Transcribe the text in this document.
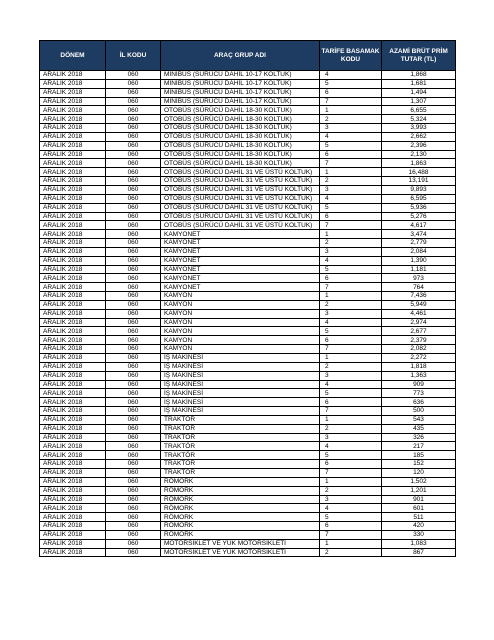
DÖNEM	İL KODU	ARAÇ GRUP ADI	TARİFE BASAMAK KODU	AZAMİ BRÜT PRİM TUTAR (TL)
ARALIK 2018	060	MİNİBÜS (SÜRÜCÜ DAHİL 10-17 KOLTUK)	4	1,868
ARALIK 2018	060	MİNİBÜS (SÜRÜCÜ DAHİL 10-17 KOLTUK)	5	1,681
ARALIK 2018	060	MİNİBÜS (SÜRÜCÜ DAHİL 10-17 KOLTUK)	6	1,494
ARALIK 2018	060	MİNİBÜS (SÜRÜCÜ DAHİL 10-17 KOLTUK)	7	1,307
ARALIK 2018	060	OTOBÜS (SÜRÜCÜ DAHİL 18-30 KOLTUK)	1	6,655
ARALIK 2018	060	OTOBÜS (SÜRÜCÜ DAHİL 18-30 KOLTUK)	2	5,324
ARALIK 2018	060	OTOBÜS (SÜRÜCÜ DAHİL 18-30 KOLTUK)	3	3,993
ARALIK 2018	060	OTOBÜS (SÜRÜCÜ DAHİL 18-30 KOLTUK)	4	2,662
ARALIK 2018	060	OTOBÜS (SÜRÜCÜ DAHİL 18-30 KOLTUK)	5	2,396
ARALIK 2018	060	OTOBÜS (SÜRÜCÜ DAHİL 18-30 KOLTUK)	6	2,130
ARALIK 2018	060	OTOBÜS (SÜRÜCÜ DAHİL 18-30 KOLTUK)	7	1,863
ARALIK 2018	060	OTOBÜS (SÜRÜCÜ DAHİL 31 VE ÜSTÜ KOLTUK)	1	16,488
ARALIK 2018	060	OTOBÜS (SÜRÜCÜ DAHİL 31 VE ÜSTÜ KOLTUK)	2	13,191
ARALIK 2018	060	OTOBÜS (SÜRÜCÜ DAHİL 31 VE ÜSTÜ KOLTUK)	3	9,893
ARALIK 2018	060	OTOBÜS (SÜRÜCÜ DAHİL 31 VE ÜSTÜ KOLTUK)	4	6,595
ARALIK 2018	060	OTOBÜS (SÜRÜCÜ DAHİL 31 VE ÜSTÜ KOLTUK)	5	5,936
ARALIK 2018	060	OTOBÜS (SÜRÜCÜ DAHİL 31 VE ÜSTÜ KOLTUK)	6	5,276
ARALIK 2018	060	OTOBÜS (SÜRÜCÜ DAHİL 31 VE ÜSTÜ KOLTUK)	7	4,617
ARALIK 2018	060	KAMYONET	1	3,474
ARALIK 2018	060	KAMYONET	2	2,779
ARALIK 2018	060	KAMYONET	3	2,084
ARALIK 2018	060	KAMYONET	4	1,390
ARALIK 2018	060	KAMYONET	5	1,181
ARALIK 2018	060	KAMYONET	6	973
ARALIK 2018	060	KAMYONET	7	764
ARALIK 2018	060	KAMYON	1	7,436
ARALIK 2018	060	KAMYON	2	5,949
ARALIK 2018	060	KAMYON	3	4,461
ARALIK 2018	060	KAMYON	4	2,974
ARALIK 2018	060	KAMYON	5	2,677
ARALIK 2018	060	KAMYON	6	2,379
ARALIK 2018	060	KAMYON	7	2,082
ARALIK 2018	060	İŞ MAKİNESİ	1	2,272
ARALIK 2018	060	İŞ MAKİNESİ	2	1,818
ARALIK 2018	060	İŞ MAKİNESİ	3	1,363
ARALIK 2018	060	İŞ MAKİNESİ	4	909
ARALIK 2018	060	İŞ MAKİNESİ	5	773
ARALIK 2018	060	İŞ MAKİNESİ	6	636
ARALIK 2018	060	İŞ MAKİNESİ	7	500
ARALIK 2018	060	TRAKTÖR	1	543
ARALIK 2018	060	TRAKTÖR	2	435
ARALIK 2018	060	TRAKTÖR	3	326
ARALIK 2018	060	TRAKTÖR	4	217
ARALIK 2018	060	TRAKTÖR	5	185
ARALIK 2018	060	TRAKTÖR	6	152
ARALIK 2018	060	TRAKTÖR	7	120
ARALIK 2018	060	RÖMORK	1	1,502
ARALIK 2018	060	RÖMORK	2	1,201
ARALIK 2018	060	RÖMORK	3	901
ARALIK 2018	060	RÖMORK	4	601
ARALIK 2018	060	RÖMORK	5	511
ARALIK 2018	060	RÖMORK	6	420
ARALIK 2018	060	RÖMORK	7	330
ARALIK 2018	060	MOTORSİKLET VE YÜK MOTORSİKLETİ	1	1,083
ARALIK 2018	060	MOTORSİKLET VE YÜK MOTORSİKLETİ	2	867
